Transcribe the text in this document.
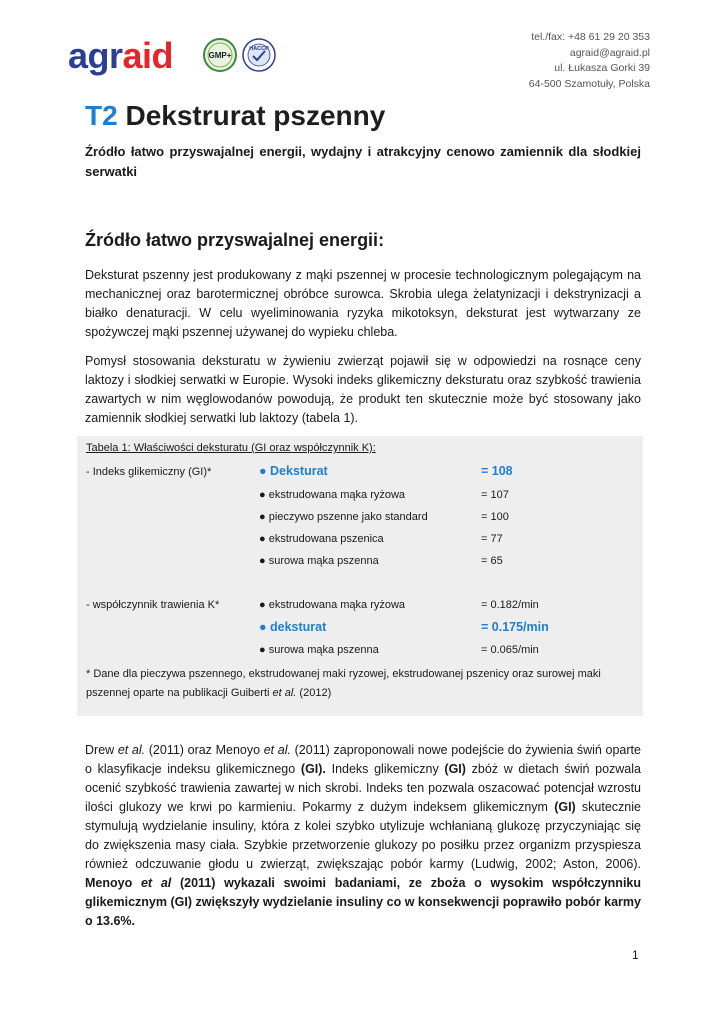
agraid	GMP+
HACCP
tel./fax: +48 61 29 20 353
agraid@agraid.pl
ul. Łukasza Gorki 39
64-500 Szamotuły, Polska
T2 Dekstrurat pszenny
Źródło łatwo przyswajalnej energii, wydajny i atrakcyjny cenowo zamiennik dla słodkiej serwatki
Źródło łatwo przyswajalnej energii:
Deksturat pszenny jest produkowany z mąki pszennej w procesie technologicznym polegającym na mechanicznej oraz barotermicznej obróbce surowca. Skrobia ulega żelatynizacji i dekstrynizacji a białko denaturacji. W celu wyeliminowania ryzyka mikotoksyn, deksturat jest wytwarzany ze spożywczej mąki pszennej używanej do wypieku chleba.
Pomysł stosowania deksturatu w żywieniu zwierząt pojawił się w odpowiedzi na rosnące ceny laktozy i słodkiej serwatki w Europie. Wysoki indeks glikemiczny deksturatu oraz szybkość trawienia zawartych w nim węglowodanów powodują, że produkt ten skutecznie może być stosowany jako zamiennik słodkiej serwatki lub laktozy (tabela 1).
Tabela 1: Właściwości deksturatu (GI oraz współczynnik K):
- Indeks glikemiczny (GI)*	● Deksturat	= 108
● ekstrudowana mąka ryżowa	= 107
● pieczywo pszenne jako standard	= 100
● ekstrudowana pszenica	= 77
● surowa mąka pszenna	= 65
- współczynnik trawienia K*	● ekstrudowana mąka ryżowa	= 0.182/min
● deksturat	= 0.175/min
● surowa mąka pszenna	= 0.065/min
* Dane dla pieczywa pszennego, ekstrudowanej maki ryzowej, ekstrudowanej pszenicy oraz surowej maki pszennej oparte na publikacji Guiberti et al. (2012)
Drew et al. (2011) oraz Menoyo et al. (2011) zaproponowali nowe podejście do żywienia świń oparte o klasyfikacje indeksu glikemicznego (GI). Indeks glikemiczny (GI) zbóż w dietach świń pozwala ocenić szybkość trawienia zawartej w nich skrobi. Indeks ten pozwala oszacować potencjał wzrostu ilości glukozy we krwi po karmieniu. Pokarmy z dużym indeksem glikemicznym (GI) skutecznie stymulują wydzielanie insuliny, która z kolei szybko utylizuje wchłanianą glukozę przyczyniając się do zwiększenia masy ciała. Szybkie przetworzenie glukozy po posiłku przez organizm przyspiesza również odczuwanie głodu u zwierząt, zwiększając pobór karmy (Ludwig, 2002; Aston, 2006). Menoyo et al (2011) wykazali swoimi badaniami, ze zboża o wysokim współczynniku glikemicznym (GI) zwiększyły wydzielanie insuliny co w konsekwencji poprawiło pobór karmy o 13.6%.
1
